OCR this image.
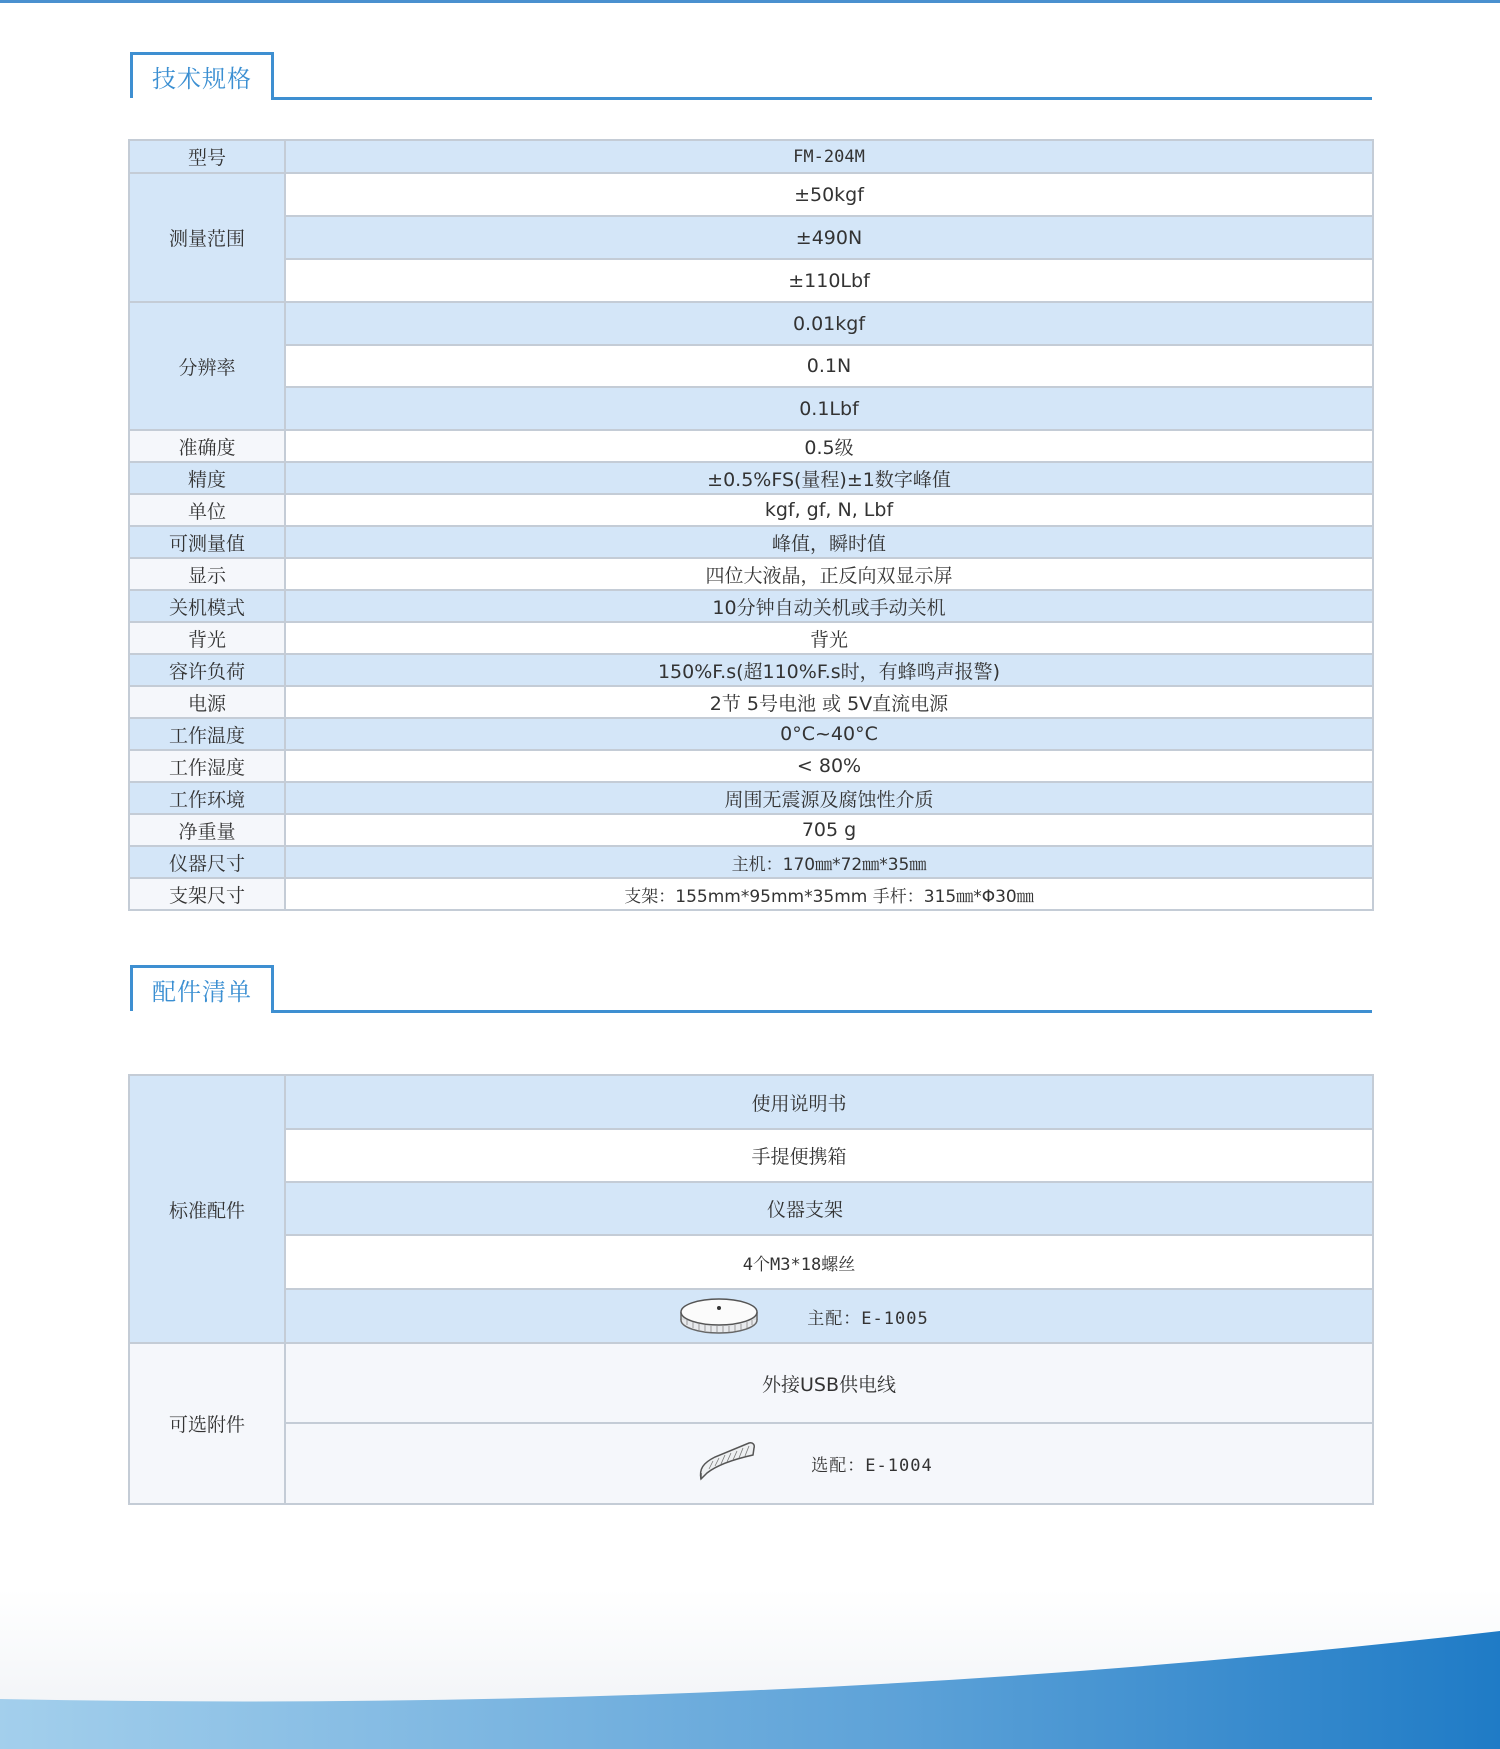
技术规格
型号	FM-204M
测量范围	±50kgf
	±490N
	±110Lbf
分辨率	0.01kgf
	0.1N
	0.1Lbf
准确度	0.5级
精度	±0.5%FS(量程)±1数字峰值
单位	kgf, gf, N, Lbf
可测量值	峰值，瞬时值
显示	四位大液晶，正反向双显示屏
关机模式	10分钟自动关机或手动关机
背光	背光
容许负荷	150%F.s(超110%F.s时，有蜂鸣声报警)
电源	2节 5号电池 或 5V直流电源
工作温度	0°C~40°C
工作湿度	< 80%
工作环境	周围无震源及腐蚀性介质
净重量	705 g
仪器尺寸	主机：170㎜*72㎜*35㎜
支架尺寸	支架：155mm*95mm*35mm 手杆：315㎜*Φ30㎜
配件清单
标准配件	使用说明书
	手提便携箱
	仪器支架
	4个M3*18螺丝

	主配：E-1005

可选附件	外接USB供电线

	选配：E-1004
